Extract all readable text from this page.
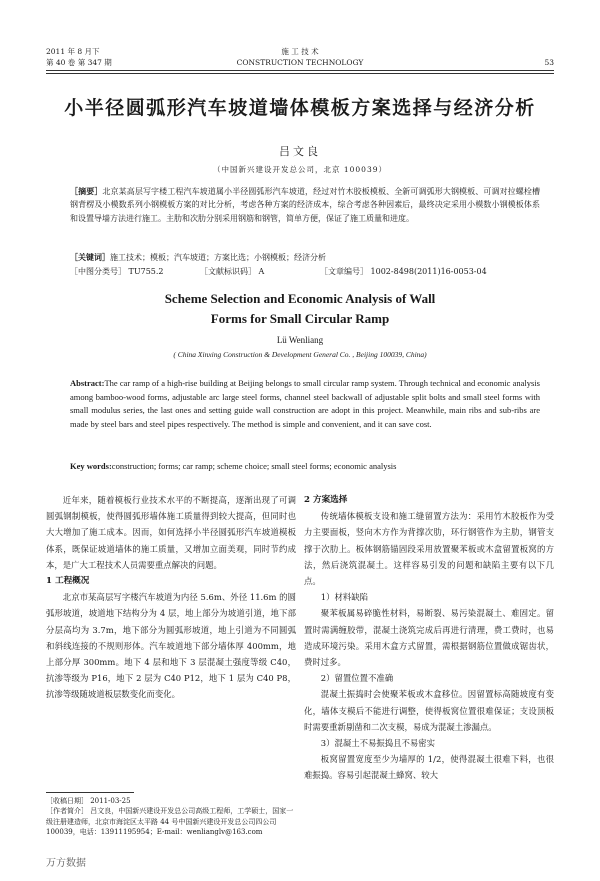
2011 年 8 月下
第 40 卷 第 347 期
施 工 技 术
CONSTRUCTION TECHNOLOGY	53
小半径圆弧形汽车坡道墙体模板方案选择与经济分析
吕文良
（中国新兴建设开发总公司，北京 100039）
［摘要］北京某高层写字楼工程汽车坡道属小半径圆弧形汽车坡道，经过对竹木胶板模板、全新可调弧形大钢模板、可调对拉螺栓槽钢背楞及小模数系列小钢模板方案的对比分析，考虑各种方案的经济成本，综合考虑各种因素后，最终决定采用小模数小钢模板体系和设置导墙方法进行施工。主肋和次肋分别采用钢筋和钢管，简单方便，保证了施工质量和进度。
［关键词］施工技术；模板；汽车坡道；方案比选；小钢模板；经济分析
［中图分类号］ TU755.2	［文献标识码］ A	［文章编号］ 1002-8498(2011)16-0053-04
Scheme Selection and Economic Analysis of Wall
Forms for Small Circular Ramp
Lü Wenliang
( China Xinxing Construction & Development General Co. , Beijing 100039, China)
Abstract:The car ramp of a high-rise building at Beijing belongs to small circular ramp system. Through technical and economic analysis among bamboo-wood forms, adjustable arc large steel forms, channel steel backwall of adjustable split bolts and small steel forms with small modulus series, the last ones and setting guide wall construction are adopt in this project. Meanwhile, main ribs and sub-ribs are made by steel bars and steel pipes respectively. The method is simple and convenient, and it can save cost.
Key words:construction; forms; car ramp; scheme choice; small steel forms; economic analysis

近年来，随着模板行业技术水平的不断提高，逐渐出现了可调圆弧钢制模板，使得圆弧形墙体施工质量得到较大提高，但同时也大大增加了施工成本。因而，如何选择小半径圆弧形汽车坡道模板体系，既保证坡道墙体的施工质量，又增加立面美观，同时节约成本，是广大工程技术人员需要重点解决的问题。

1 工程概况

北京市某高层写字楼汽车坡道为内径 5.6m、外径 11.6m 的圆弧形坡道，坡道地下结构分为 4 层，地上部分为坡道引道，地下部分层高均为 3.7m，地下部分为圆弧形坡道，地上引道为不同圆弧和斜线连接的不规则形体。汽车坡道地下部分墙体厚 400mm，地上部分厚 300mm。地下 4 层和地下 3 层混凝土强度等级 C40，抗渗等级为 P16，地下 2 层为 C40 P12，地下 1 层为 C40 P8，抗渗等级随坡道板层数变化而变化。

2 方案选择

传统墙体模板支设和施工缝留置方法为：采用竹木胶板作为受力主要面板，竖向木方作为背撑次肋，环行钢管作为主肋，钢管支撑于次肋上。板体钢筋锚固段采用放置聚苯板或木盒留置板窝的方法，然后浇筑混凝土。这样容易引发的问题和缺陷主要有以下几点。

1）材料缺陷

聚苯板属易碎脆性材料，易断裂、易污染混凝土、难固定。留置时需满缠胶带，混凝土浇筑完成后再进行清理，费工费时，也易造成环境污染。采用木盒方式留置，需根据钢筋位置做成锯齿状，费时过多。

2）留置位置不准确

混凝土振捣时会使聚苯板或木盒移位。因留置标高随坡度有变化，墙体支模后不能进行调整，使得板窝位置很难保证；支设顶板时需要重新剔凿和二次支模，易成为混凝土渗漏点。

3）混凝土不易振捣且不易密实

板窝留置宽度至少为墙厚的 1/2，使得混凝土很难下料，也很难振捣。容易引起混凝土蜂窝、较大

［收稿日期］ 2011-03-25

［作者简介］ 吕文良，中国新兴建设开发总公司高级工程师，工学硕士，国家一级注册建造师，北京市海淀区太平路 44 号中国新兴建设开发总公司四公司 100039，电话：13911195954；E-mail：wenlianglv@163.com

万方数据
